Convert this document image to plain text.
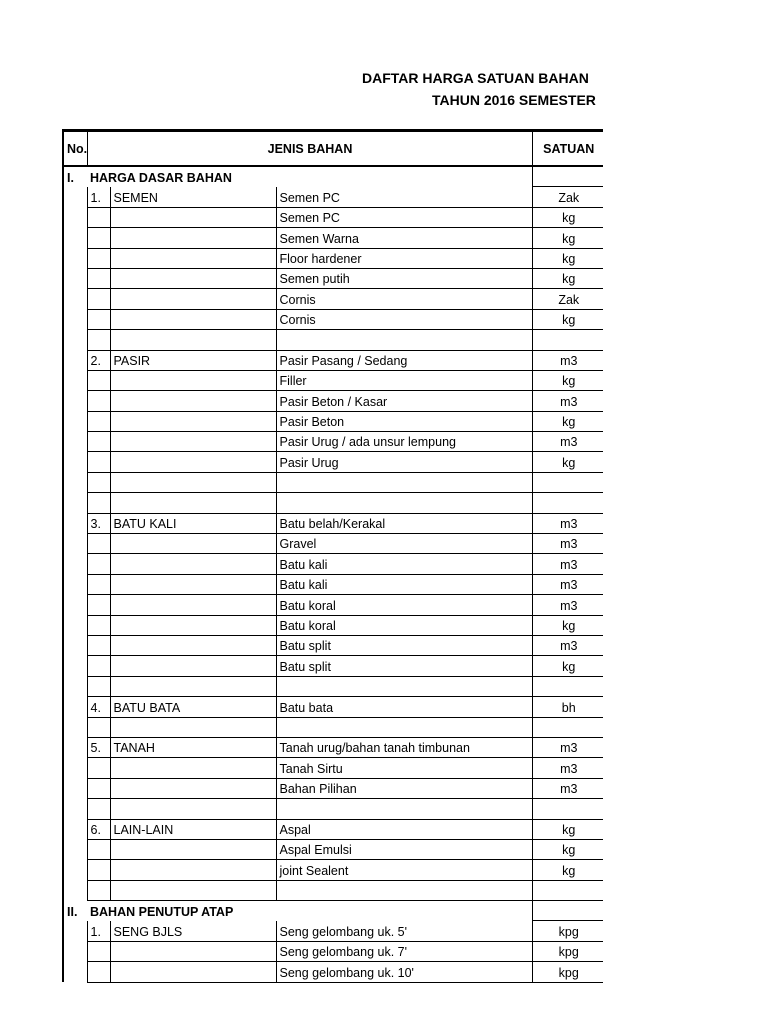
DAFTAR HARGA SATUAN BAHAN
TAHUN 2016 SEMESTER
No.	JENIS BAHAN			SATUAN
I.	HARGA DASAR BAHAN			
	1.	SEMEN	Semen PC	Zak
			Semen PC	kg
			Semen Warna	kg
			Floor hardener	kg
			Semen putih	kg
			Cornis	Zak
			Cornis	kg

	2.	PASIR	Pasir Pasang / Sedang	m3
			Filler	kg
			Pasir Beton / Kasar	m3
			Pasir Beton	kg
			Pasir Urug / ada unsur lempung	m3
			Pasir Urug	kg

	3.	BATU KALI	Batu belah/Kerakal	m3
			Gravel	m3
			Batu kali	m3
			Batu kali	m3
			Batu koral	m3
			Batu koral	kg
			Batu split	m3
			Batu split	kg

	4.	BATU BATA	Batu bata	bh

	5.	TANAH	Tanah urug/bahan tanah timbunan	m3
			Tanah Sirtu	m3
			Bahan Pilihan	m3

	6.	LAIN-LAIN	Aspal	kg
			Aspal Emulsi	kg
			joint Sealent	kg

II.	BAHAN PENUTUP ATAP			
	1.	SENG BJLS	Seng gelombang uk. 5'	kpg
			Seng gelombang uk. 7'	kpg
			Seng gelombang uk. 10'	kpg
